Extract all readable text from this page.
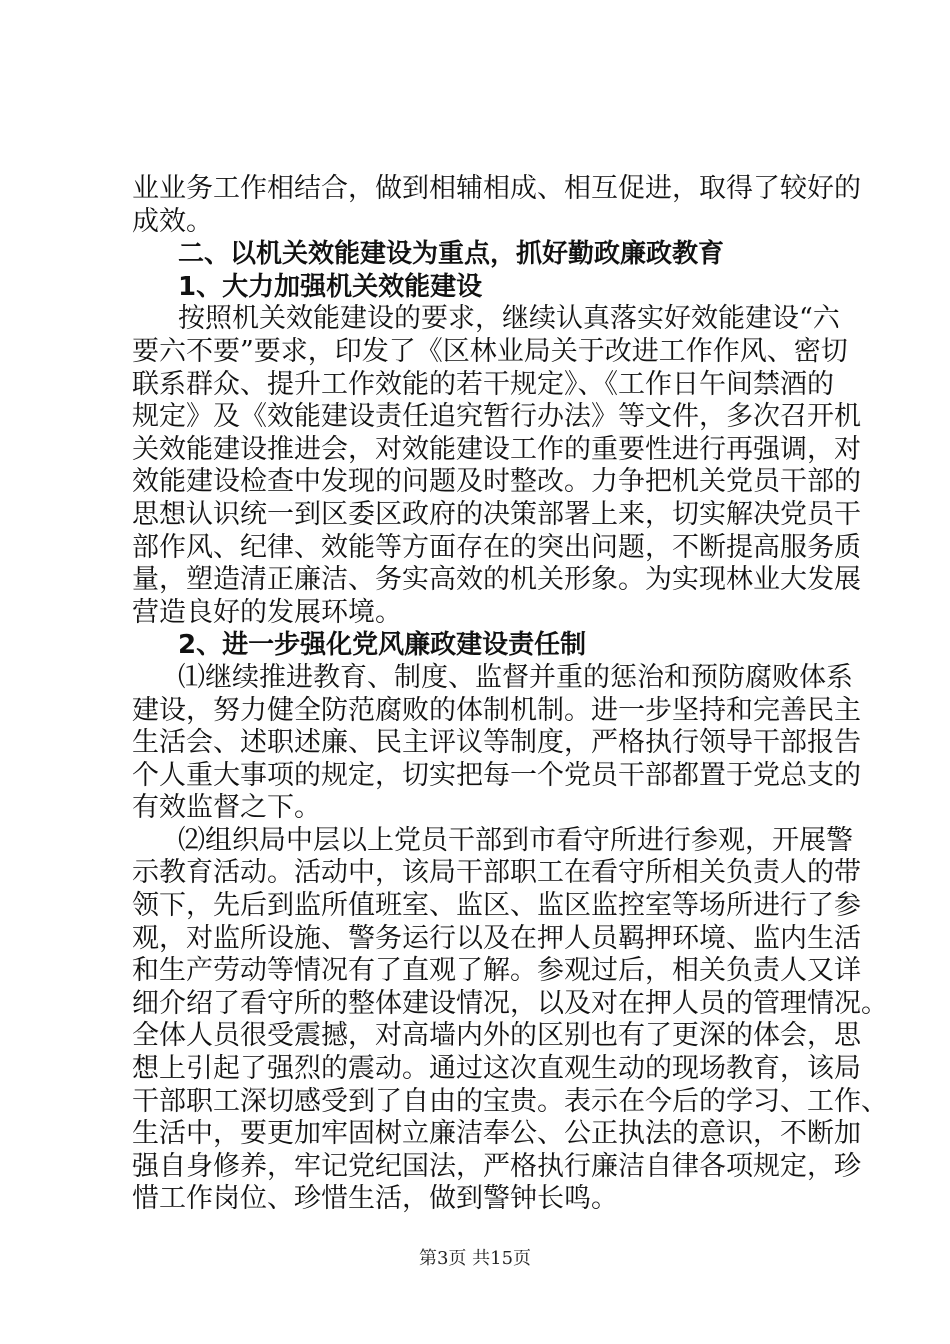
业业务工作相结合，做到相辅相成、相互促进，取得了较好的
成效。
二、以机关效能建设为重点，抓好勤政廉政教育
1、大力加强机关效能建设
按照机关效能建设的要求，继续认真落实好效能建设“六
要六不要”要求，印发了《区林业局关于改进工作作风、密切
联系群众、提升工作效能的若干规定》、《工作日午间禁酒的
规定》及《效能建设责任追究暂行办法》等文件，多次召开机
关效能建设推进会，对效能建设工作的重要性进行再强调，对
效能建设检查中发现的问题及时整改。力争把机关党员干部的
思想认识统一到区委区政府的决策部署上来，切实解决党员干
部作风、纪律、效能等方面存在的突出问题，不断提高服务质
量，塑造清正廉洁、务实高效的机关形象。为实现林业大发展
营造良好的发展环境。
2、进一步强化党风廉政建设责任制
⑴继续推进教育、制度、监督并重的惩治和预防腐败体系
建设，努力健全防范腐败的体制机制。进一步坚持和完善民主
生活会、述职述廉、民主评议等制度，严格执行领导干部报告
个人重大事项的规定，切实把每一个党员干部都置于党总支的
有效监督之下。
⑵组织局中层以上党员干部到市看守所进行参观，开展警
示教育活动。活动中，该局干部职工在看守所相关负责人的带
领下，先后到监所值班室、监区、监区监控室等场所进行了参
观，对监所设施、警务运行以及在押人员羁押环境、监内生活
和生产劳动等情况有了直观了解。参观过后，相关负责人又详
细介绍了看守所的整体建设情况，以及对在押人员的管理情况。
全体人员很受震撼，对高墙内外的区别也有了更深的体会，思
想上引起了强烈的震动。通过这次直观生动的现场教育，该局
干部职工深切感受到了自由的宝贵。表示在今后的学习、工作、
生活中，要更加牢固树立廉洁奉公、公正执法的意识，不断加
强自身修养，牢记党纪国法，严格执行廉洁自律各项规定，珍
惜工作岗位、珍惜生活，做到警钟长鸣。
第3页 共15页
